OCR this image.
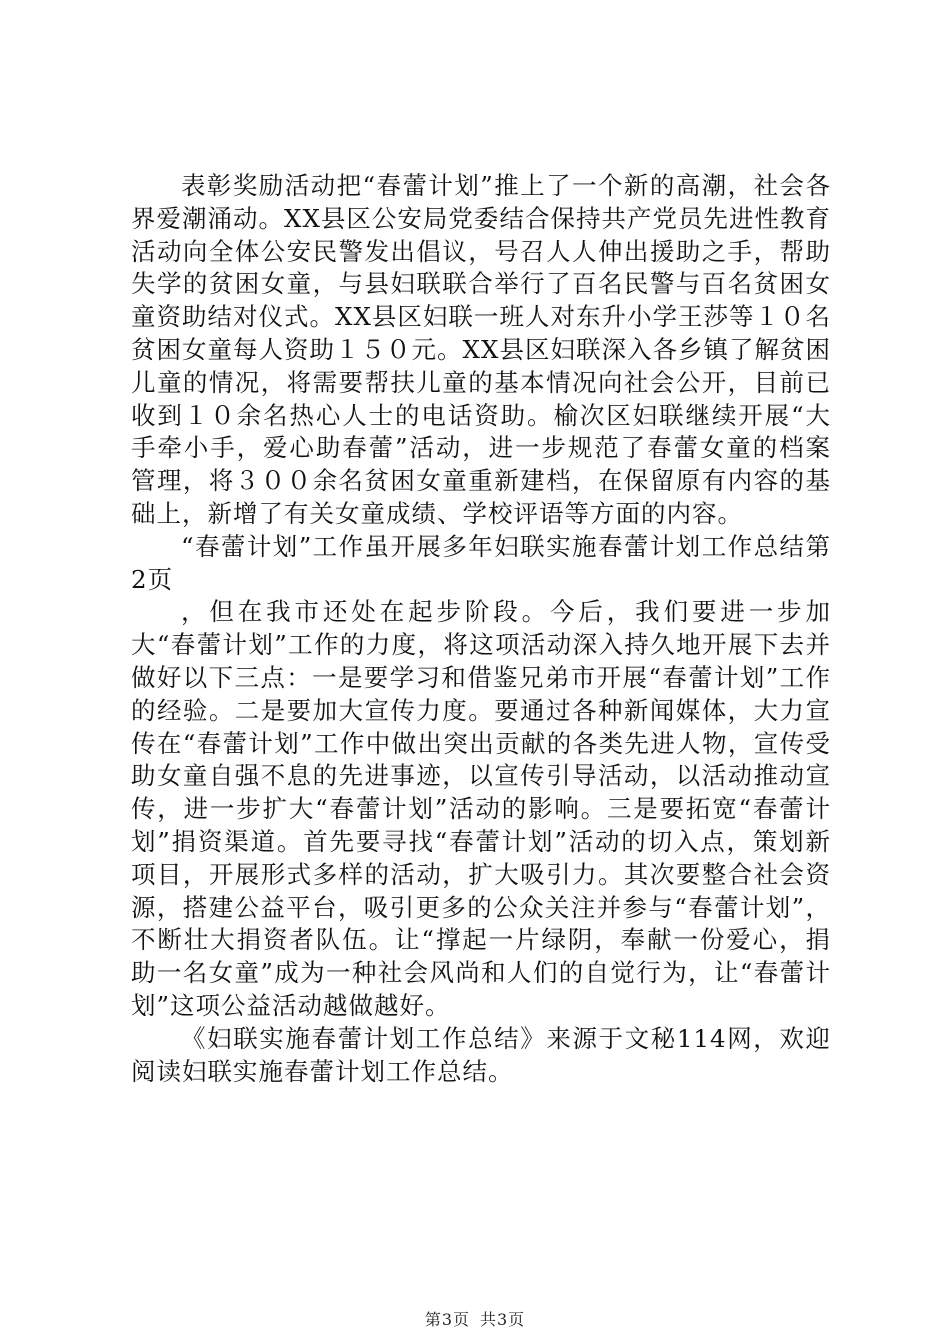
表彰奖励活动把“春蕾计划”推上了一个新的高潮，社会各界爱潮涌动。XX县区公安局党委结合保持共产党员先进性教育活动向全体公安民警发出倡议，号召人人伸出援助之手，帮助失学的贫困女童，与县妇联联合举行了百名民警与百名贫困女童资助结对仪式。XX县区妇联一班人对东升小学王莎等１０名贫困女童每人资助１５０元。XX县区妇联深入各乡镇了解贫困儿童的情况，将需要帮扶儿童的基本情况向社会公开，目前已收到１０余名热心人士的电话资助。榆次区妇联继续开展“大手牵小手，爱心助春蕾”活动，进一步规范了春蕾女童的档案管理，将３００余名贫困女童重新建档，在保留原有内容的基础上，新增了有关女童成绩、学校评语等方面的内容。

“春蕾计划”工作虽开展多年妇联实施春蕾计划工作总结第2页

，但在我市还处在起步阶段。今后，我们要进一步加大“春蕾计划”工作的力度，将这项活动深入持久地开展下去并做好以下三点：一是要学习和借鉴兄弟市开展“春蕾计划”工作的经验。二是要加大宣传力度。要通过各种新闻媒体，大力宣传在“春蕾计划”工作中做出突出贡献的各类先进人物，宣传受助女童自强不息的先进事迹，以宣传引导活动，以活动推动宣传，进一步扩大“春蕾计划”活动的影响。三是要拓宽“春蕾计划”捐资渠道。首先要寻找“春蕾计划”活动的切入点，策划新项目，开展形式多样的活动，扩大吸引力。其次要整合社会资源，搭建公益平台，吸引更多的公众关注并参与“春蕾计划”，不断壮大捐资者队伍。让“撑起一片绿阴，奉献一份爱心，捐助一名女童”成为一种社会风尚和人们的自觉行为，让“春蕾计划”这项公益活动越做越好。

《妇联实施春蕾计划工作总结》来源于文秘114网，欢迎阅读妇联实施春蕾计划工作总结。

第3页 共3页
